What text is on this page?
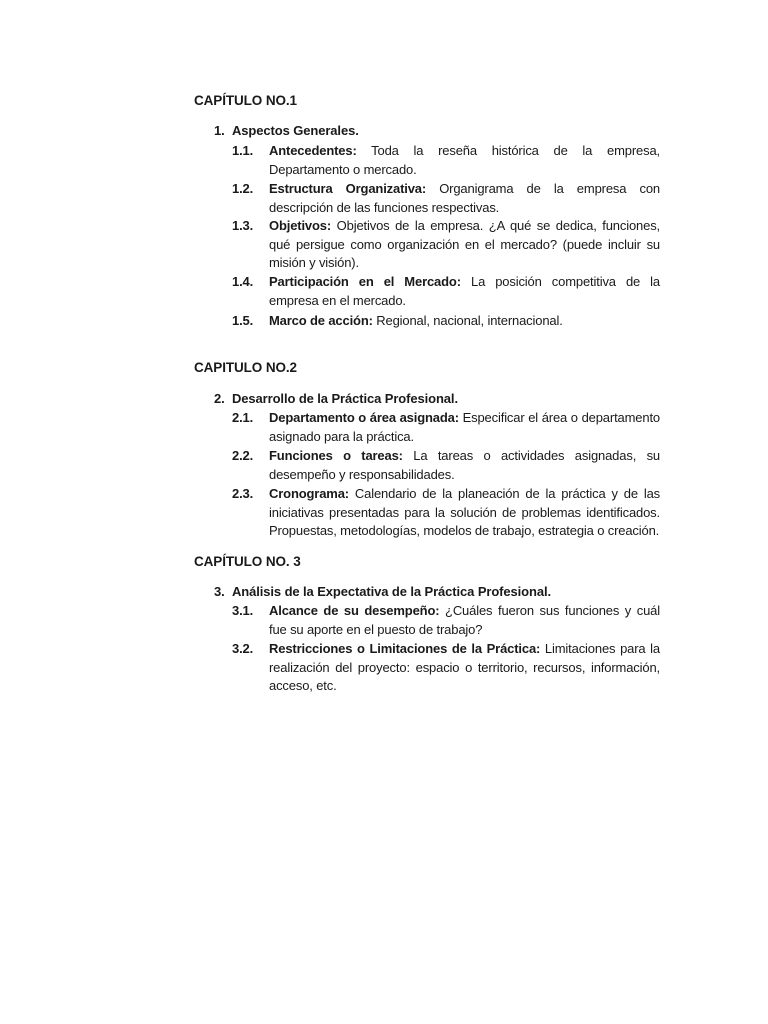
CAPÍTULO NO.1
1. Aspectos Generales.
1.1. Antecedentes: Toda la reseña histórica de la empresa, Departamento o mercado.
1.2. Estructura Organizativa: Organigrama de la empresa con descripción de las funciones respectivas.
1.3. Objetivos: Objetivos de la empresa. ¿A qué se dedica, funciones, qué persigue como organización en el mercado? (puede incluir su misión y visión).
1.4. Participación en el Mercado: La posición competitiva de la empresa en el mercado.
1.5. Marco de acción: Regional, nacional, internacional.
CAPITULO NO.2
2. Desarrollo de la Práctica Profesional.
2.1. Departamento o área asignada: Especificar el área o departamento asignado para la práctica.
2.2. Funciones o tareas: La tareas o actividades asignadas, su desempeño y responsabilidades.
2.3. Cronograma: Calendario de la planeación de la práctica y de las iniciativas presentadas para la solución de problemas identificados. Propuestas, metodologías, modelos de trabajo, estrategia o creación.
CAPÍTULO NO. 3
3. Análisis de la Expectativa de la Práctica Profesional.
3.1. Alcance de su desempeño: ¿Cuáles fueron sus funciones y cuál fue su aporte en el puesto de trabajo?
3.2. Restricciones o Limitaciones de la Práctica: Limitaciones para la realización del proyecto: espacio o territorio, recursos, información, acceso, etc.
